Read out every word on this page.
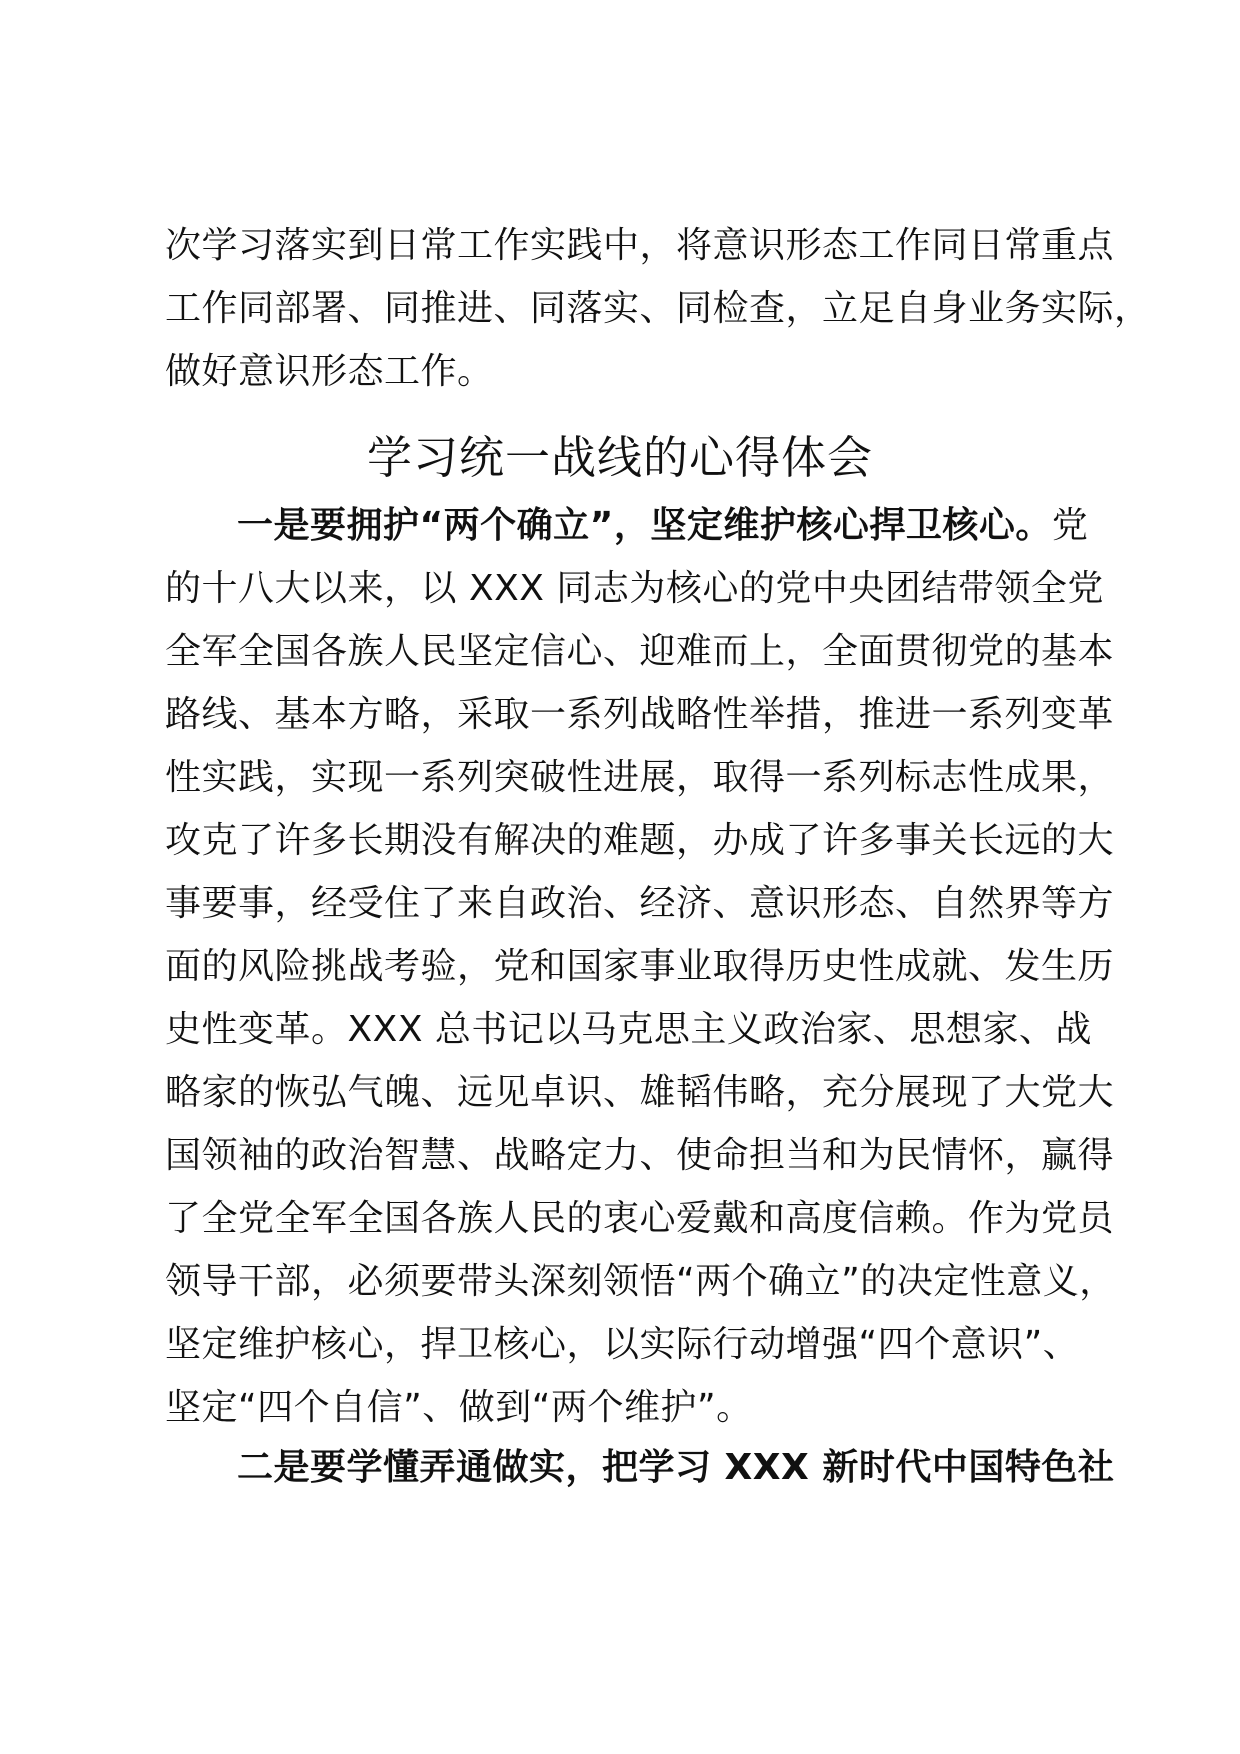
次学习落实到日常工作实践中，将意识形态工作同日常重点
工作同部署、同推进、同落实、同检查，立足自身业务实际，
做好意识形态工作。
学习统一战线的心得体会
一是要拥护“两个确立”，坚定维护核心捍卫核心。党
的十八大以来，以 XXX 同志为核心的党中央团结带领全党
全军全国各族人民坚定信心、迎难而上，全面贯彻党的基本
路线、基本方略，采取一系列战略性举措，推进一系列变革
性实践，实现一系列突破性进展，取得一系列标志性成果，
攻克了许多长期没有解决的难题，办成了许多事关长远的大
事要事，经受住了来自政治、经济、意识形态、自然界等方
面的风险挑战考验，党和国家事业取得历史性成就、发生历
史性变革。XXX 总书记以马克思主义政治家、思想家、战
略家的恢弘气魄、远见卓识、雄韬伟略，充分展现了大党大
国领袖的政治智慧、战略定力、使命担当和为民情怀，赢得
了全党全军全国各族人民的衷心爱戴和高度信赖。作为党员
领导干部，必须要带头深刻领悟“两个确立”的决定性意义，
坚定维护核心，捍卫核心，以实际行动增强“四个意识”、
坚定“四个自信”、做到“两个维护”。
二是要学懂弄通做实，把学习 XXX 新时代中国特色社
